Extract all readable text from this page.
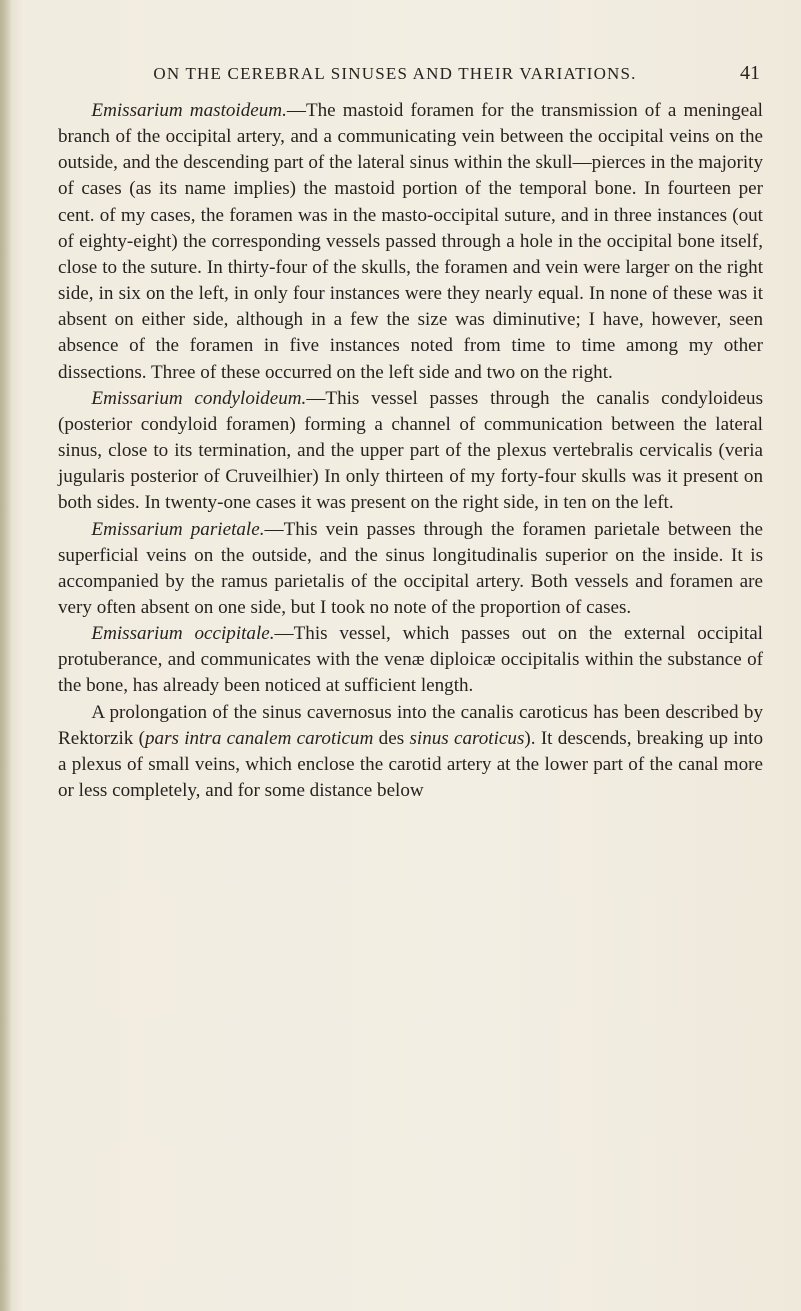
ON THE CEREBRAL SINUSES AND THEIR VARIATIONS.	41

Emissarium mastoideum.—The mastoid foramen for the transmission of a meningeal branch of the occipital artery, and a communicating vein between the occipital veins on the outside, and the descending part of the lateral sinus within the skull—pierces in the majority of cases (as its name implies) the mastoid portion of the temporal bone. In fourteen per cent. of my cases, the foramen was in the masto-occipital suture, and in three instances (out of eighty-eight) the corresponding vessels passed through a hole in the occipital bone itself, close to the suture. In thirty-four of the skulls, the foramen and vein were larger on the right side, in six on the left, in only four instances were they nearly equal. In none of these was it absent on either side, although in a few the size was diminutive; I have, however, seen absence of the foramen in five instances noted from time to time among my other dissections. Three of these occurred on the left side and two on the right.

Emissarium condyloideum.—This vessel passes through the canalis condyloideus (posterior condyloid foramen) forming a channel of communication between the lateral sinus, close to its termination, and the upper part of the plexus vertebralis cervicalis (veria jugularis posterior of Cruveilhier) In only thirteen of my forty-four skulls was it present on both sides. In twenty-one cases it was present on the right side, in ten on the left.

Emissarium parietale.—This vein passes through the foramen parietale between the superficial veins on the outside, and the sinus longitudinalis superior on the inside. It is accompanied by the ramus parietalis of the occipital artery. Both vessels and foramen are very often absent on one side, but I took no note of the proportion of cases.

Emissarium occipitale.—This vessel, which passes out on the external occipital protuberance, and communicates with the venæ diploicæ occipitalis within the substance of the bone, has already been noticed at sufficient length.

A prolongation of the sinus cavernosus into the canalis caroticus has been described by Rektorzik (pars intra canalem caroticum des sinus caroticus). It descends, breaking up into a plexus of small veins, which enclose the carotid artery at the lower part of the canal more or less completely, and for some distance below
